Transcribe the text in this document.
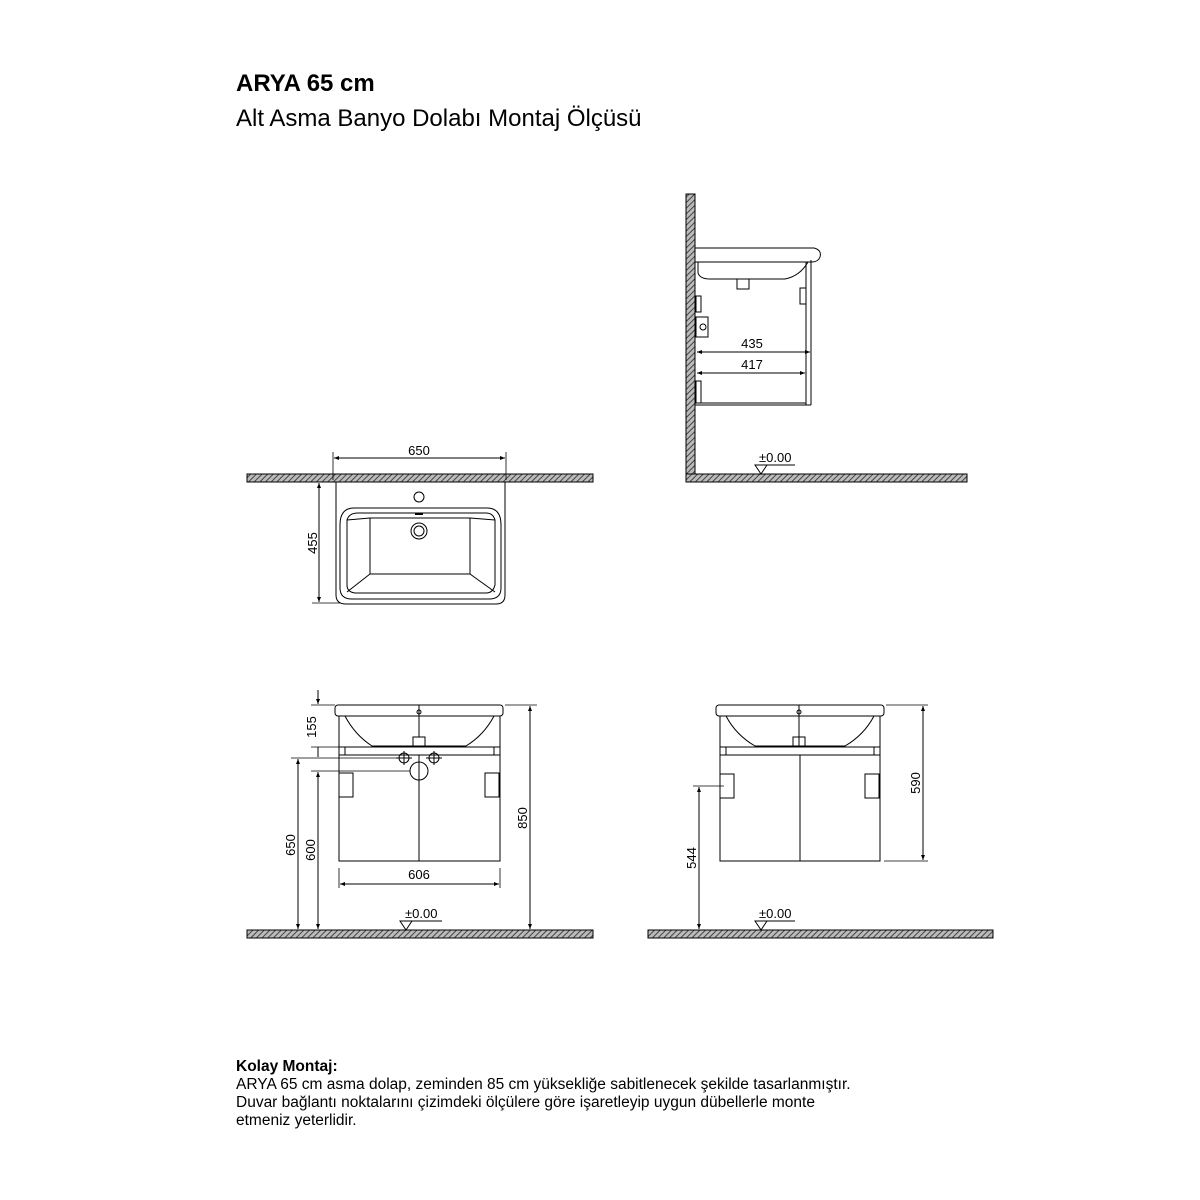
ARYA 65 cm
Alt Asma Banyo Dolabı Montaj Ölçüsü
435
417
±0.00
650
455
155
650 600
850
606
±0.00
544
590
±0.00

Kolay Montaj:

ARYA 65 cm asma dolap, zeminden 85 cm yüksekliğe sabitlenecek şekilde tasarlanmıştır.

Duvar bağlantı noktalarını çizimdeki ölçülere göre işaretleyip uygun dübellerle monte

etmeniz yeterlidir.
